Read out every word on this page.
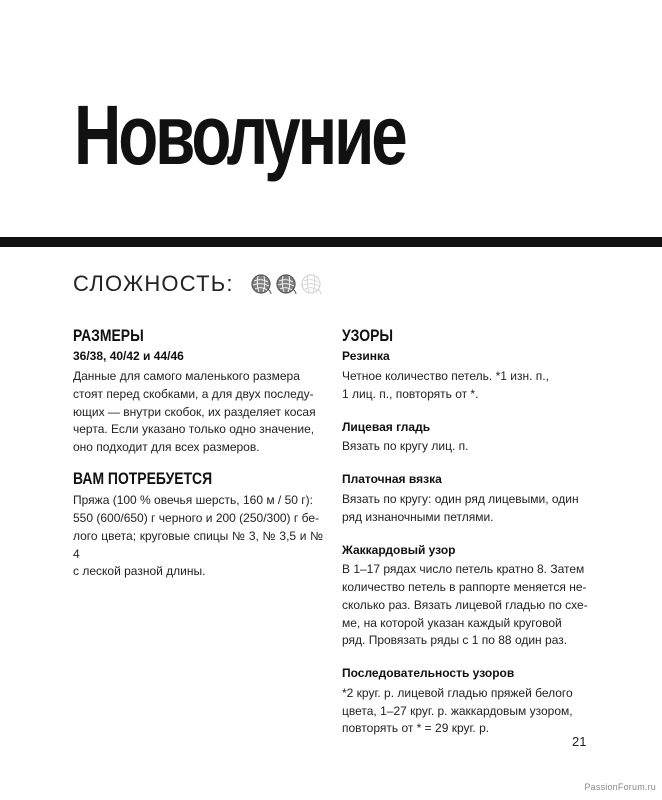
Новолуние
СЛОЖНОСТЬ:
РАЗМЕРЫ
36/38, 40/42 и 44/46

Данные для самого маленького размера
стоят перед скобками, а для двух последу-
ющих — внутри скобок, их разделяет косая
черта. Если указано только одно значение,
оно подходит для всех размеров.

ВАМ ПОТРЕБУЕТСЯ

Пряжа (100 % овечья шерсть, 160 м / 50 г):
550 (600/650) г черного и 200 (250/300) г бе-
лого цвета; круговые спицы № 3, № 3,5 и № 4
с леской разной длины.

УЗОРЫ
Резинка

Четное количество петель. *1 изн. п.,
1 лиц. п., повторять от *.

Лицевая гладь

Вязать по кругу лиц. п.

Платочная вязка

Вязать по кругу: один ряд лицевыми, один
ряд изнаночными петлями.

Жаккардовый узор

В 1–17 рядах число петель кратно 8. Затем
количество петель в раппорте меняется не-
сколько раз. Вязать лицевой гладью по схе-
ме, на которой указан каждый круговой
ряд. Провязать ряды с 1 по 88 один раз.

Последовательность узоров

*2 круг. р. лицевой гладью пряжей белого
цвета, 1–27 круг. р. жаккардовым узором,
повторять от * = 29 круг. р.

21
PassionForum.ru
